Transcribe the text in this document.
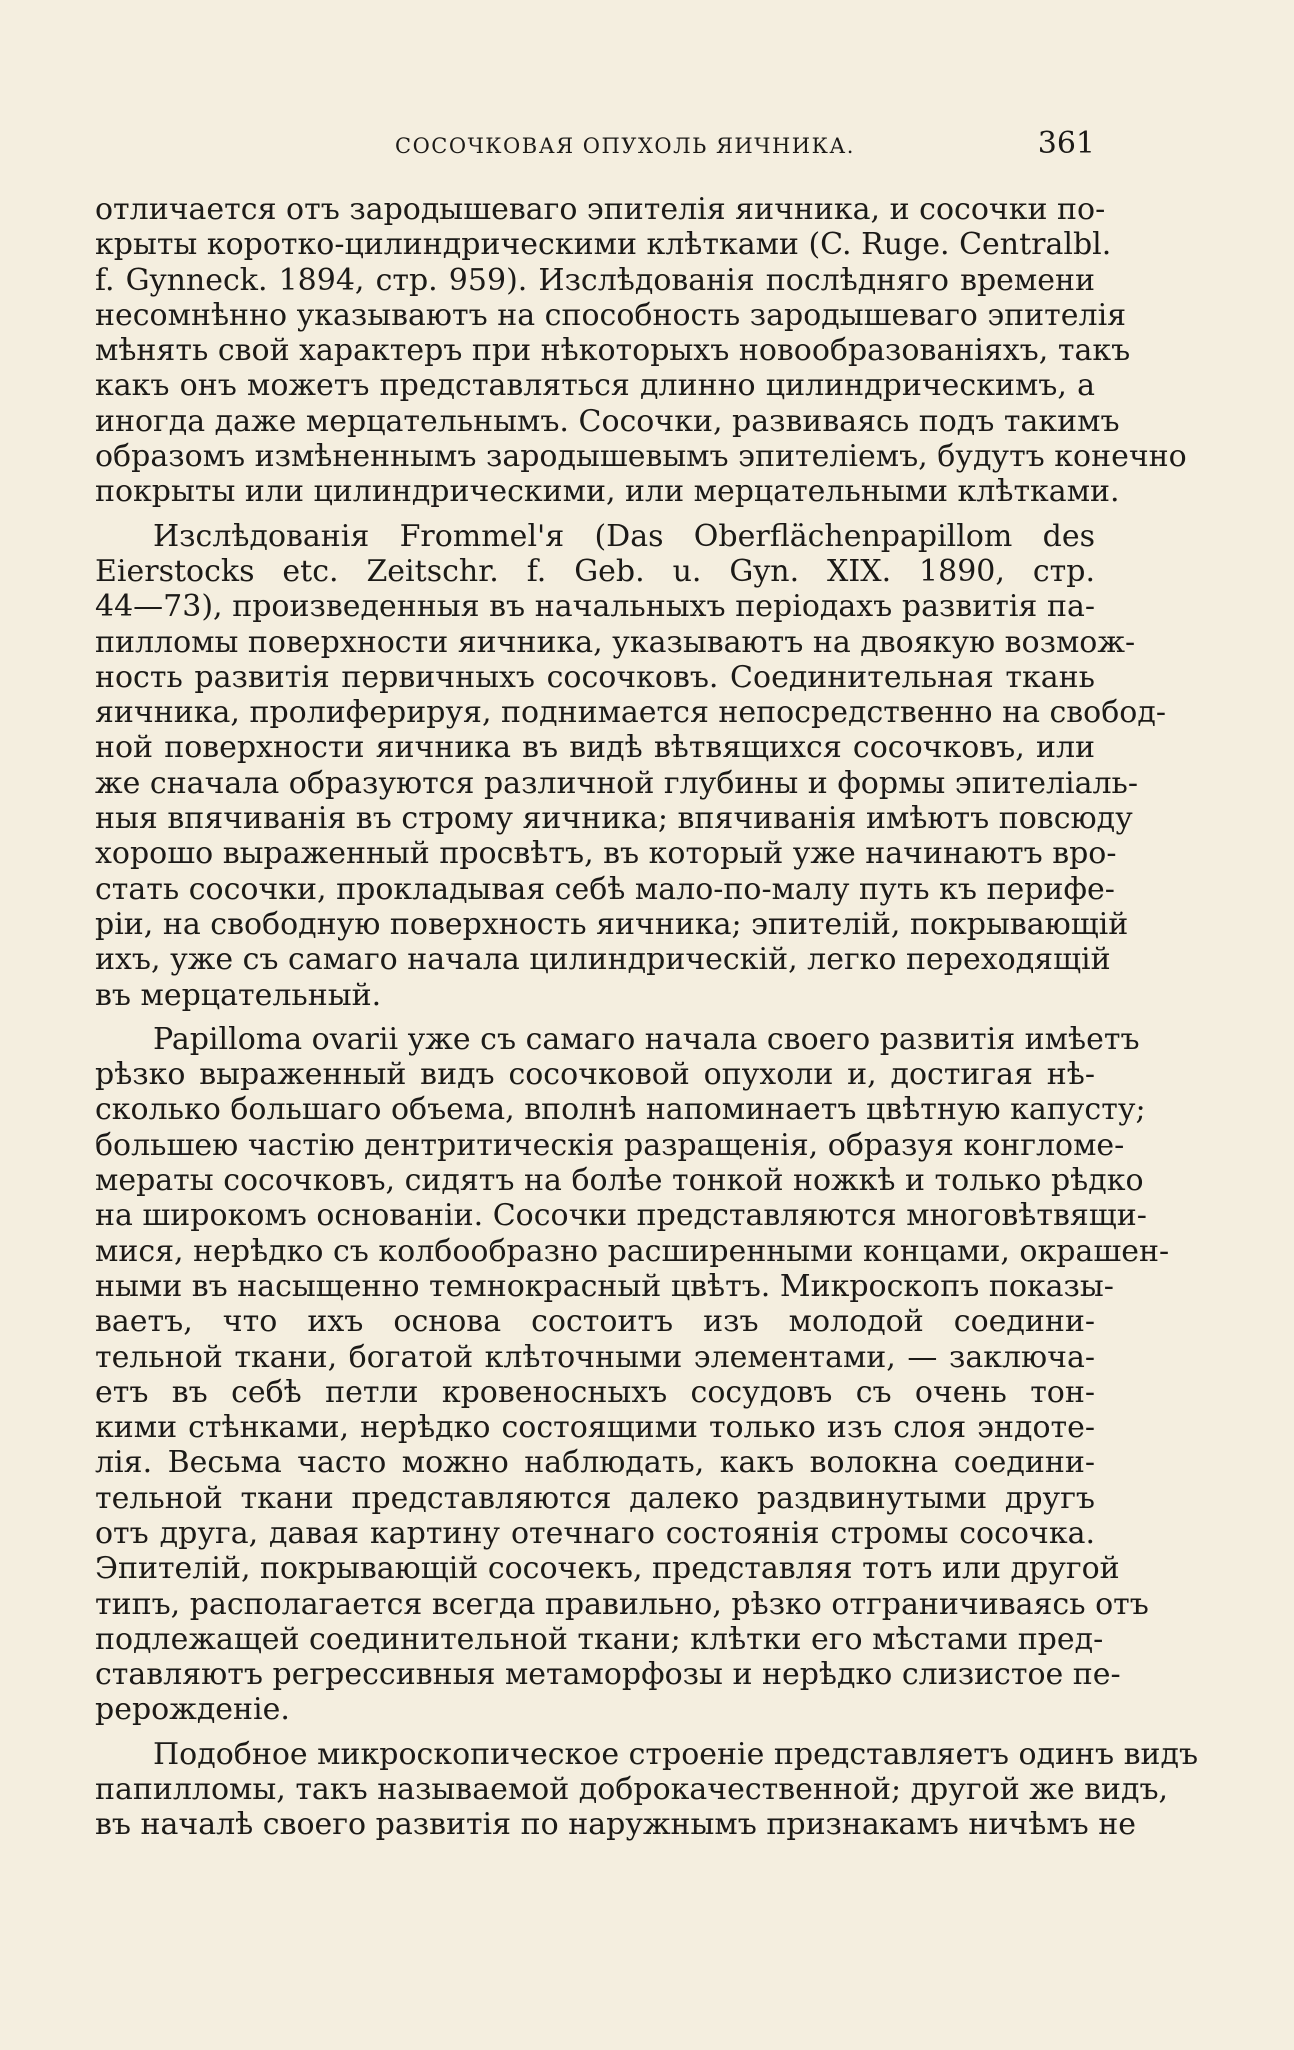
СОСОЧКОВАЯ ОПУХОЛЬ ЯИЧНИКА.	361
отличается отъ зародышеваго эпителія яичника, и сосочки по-
крыты коротко-цилиндрическими клѣтками (C. Ruge. Centralbl.
f. Gynneck. 1894, стр. 959). Изслѣдованія послѣдняго времени
несомнѣнно указываютъ на способность зародышеваго эпителія
мѣнять свой характеръ при нѣкоторыхъ новообразованіяхъ, такъ
какъ онъ можетъ представляться длинно цилиндрическимъ, а
иногда даже мерцательнымъ. Сосочки, развиваясь подъ такимъ
образомъ измѣненнымъ зародышевымъ эпителіемъ, будутъ конечно
покрыты или цилиндрическими, или мерцательными клѣтками.
Изслѣдованія Frommel'я (Das Oberflächenpapillom des
Eierstocks etc. Zeitschr. f. Geb. u. Gyn. XIX. 1890, стр.
44—73), произведенныя въ начальныхъ періодахъ развитія па-
пилломы поверхности яичника, указываютъ на двоякую возмож-
ность развитія первичныхъ сосочковъ. Соединительная ткань
яичника, пролиферируя, поднимается непосредственно на свобод-
ной поверхности яичника въ видѣ вѣтвящихся сосочковъ, или
же сначала образуются различной глубины и формы эпителіаль-
ныя впячиванія въ строму яичника; впячиванія имѣютъ повсюду
хорошо выраженный просвѣтъ, въ который уже начинаютъ вро-
стать сосочки, прокладывая себѣ мало-по-малу путь къ перифе-
ріи, на свободную поверхность яичника; эпителій, покрывающій
ихъ, уже съ самаго начала цилиндрическій, легко переходящій
въ мерцательный.
Papilloma ovarii уже съ самаго начала своего развитія имѣетъ
рѣзко выраженный видъ сосочковой опухоли и, достигая нѣ-
сколько большаго объема, вполнѣ напоминаетъ цвѣтную капусту;
большею частію дентритическія разращенія, образуя конгломе-
мераты сосочковъ, сидятъ на болѣе тонкой ножкѣ и только рѣдко
на широкомъ основаніи. Сосочки представляются многовѣтвящи-
мися, нерѣдко съ колбообразно расширенными концами, окрашен-
ными въ насыщенно темнокрасный цвѣтъ. Микроскопъ показы-
ваетъ, что ихъ основа состоитъ изъ молодой соедини-
тельной ткани, богатой клѣточными элементами, — заключа-
етъ въ себѣ петли кровеносныхъ сосудовъ съ очень тон-
кими стѣнками, нерѣдко состоящими только изъ слоя эндоте-
лія. Весьма часто можно наблюдать, какъ волокна соедини-
тельной ткани представляются далеко раздвинутыми другъ
отъ друга, давая картину отечнаго состоянія стромы сосочка.
Эпителій, покрывающій сосочекъ, представляя тотъ или другой
типъ, располагается всегда правильно, рѣзко отграничиваясь отъ
подлежащей соединительной ткани; клѣтки его мѣстами пред-
ставляютъ регрессивныя метаморфозы и нерѣдко слизистое пе-
рерожденіе.
Подобное микроскопическое строеніе представляетъ одинъ видъ
папилломы, такъ называемой доброкачественной; другой же видъ,
въ началѣ своего развитія по наружнымъ признакамъ ничѣмъ не
